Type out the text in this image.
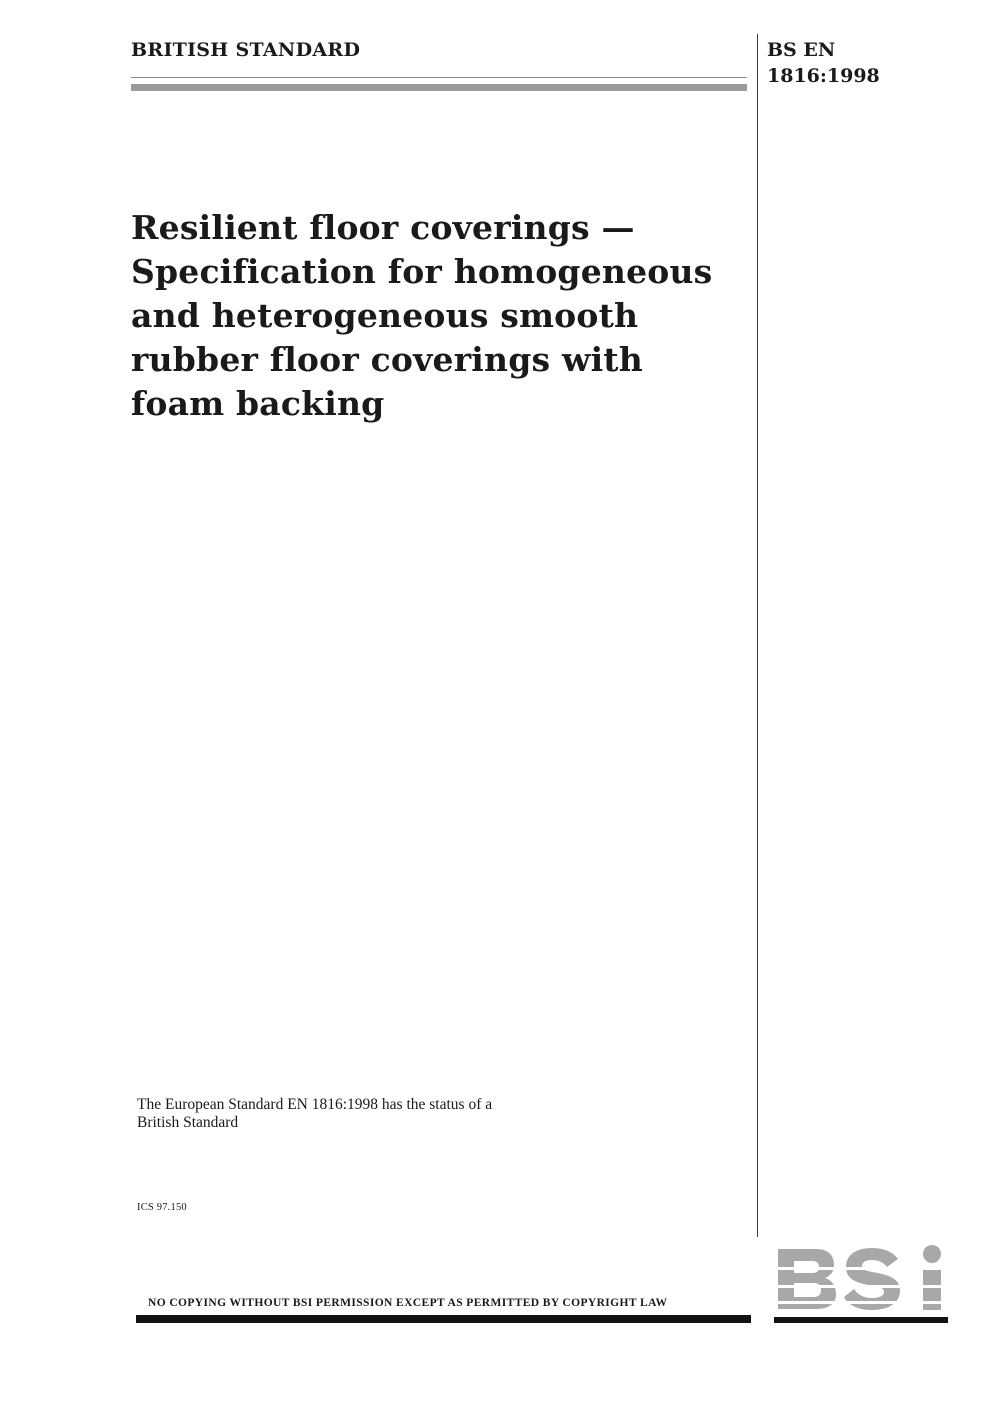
BRITISH STANDARD	BS EN
1816:1998
Resilient floor coverings —
Specification for homogeneous
and heterogeneous smooth
rubber floor coverings with
foam backing
The European Standard EN 1816:1998 has the status of a
British Standard
ICS 97.150
NO COPYING WITHOUT BSI PERMISSION EXCEPT AS PERMITTED BY COPYRIGHT LAW
